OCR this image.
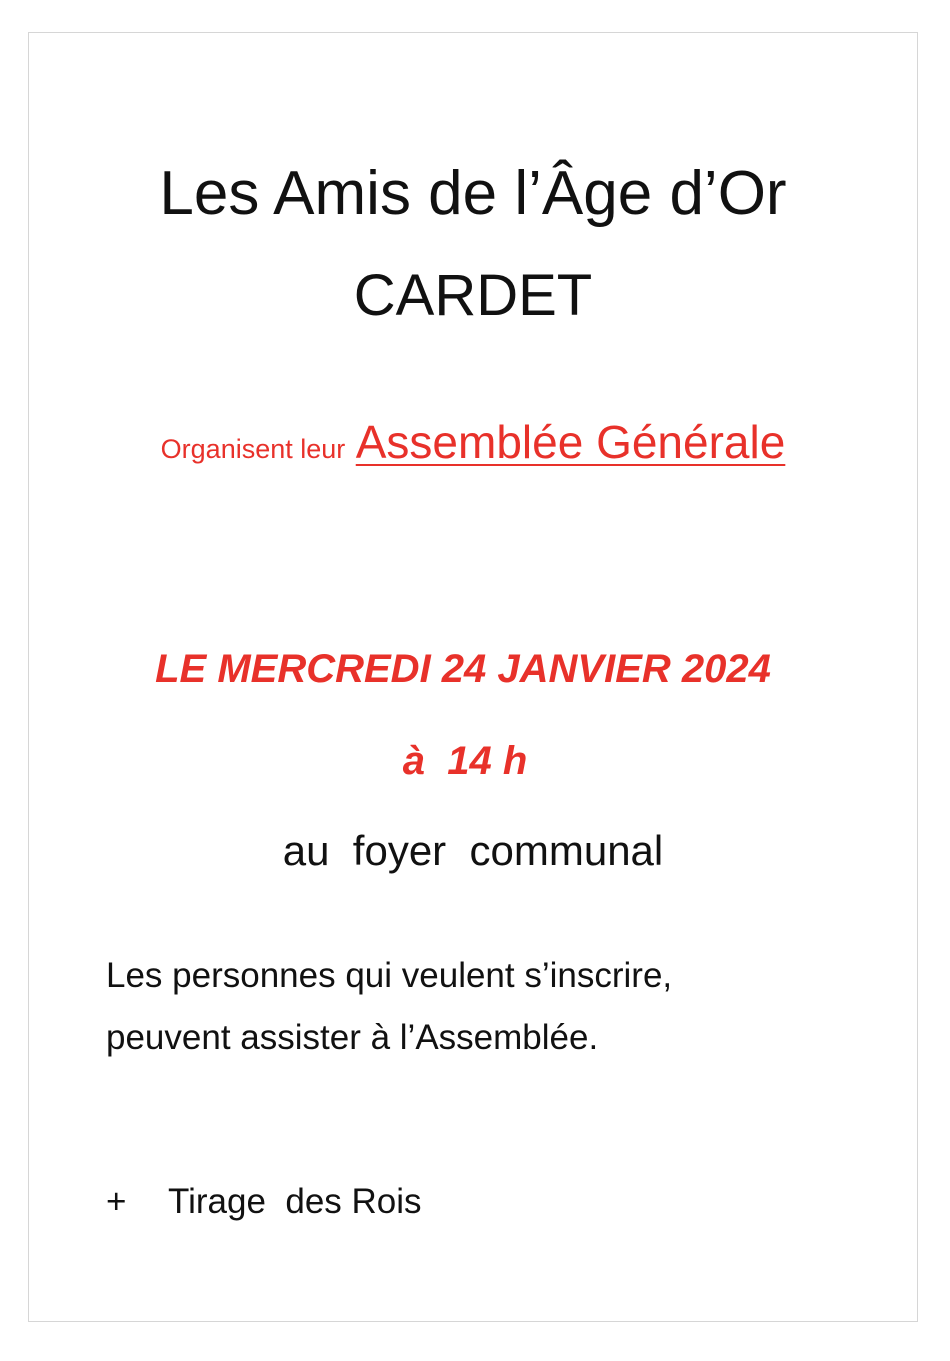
Les Amis de l’Âge d’Or
CARDET
Organisent leur Assemblée Générale
LE MERCREDI 24 JANVIER 2024
à  14 h
au  foyer  communal
Les personnes qui veulent s’inscrire,
peuvent assister à l’Assemblée.
+ Tirage  des Rois
